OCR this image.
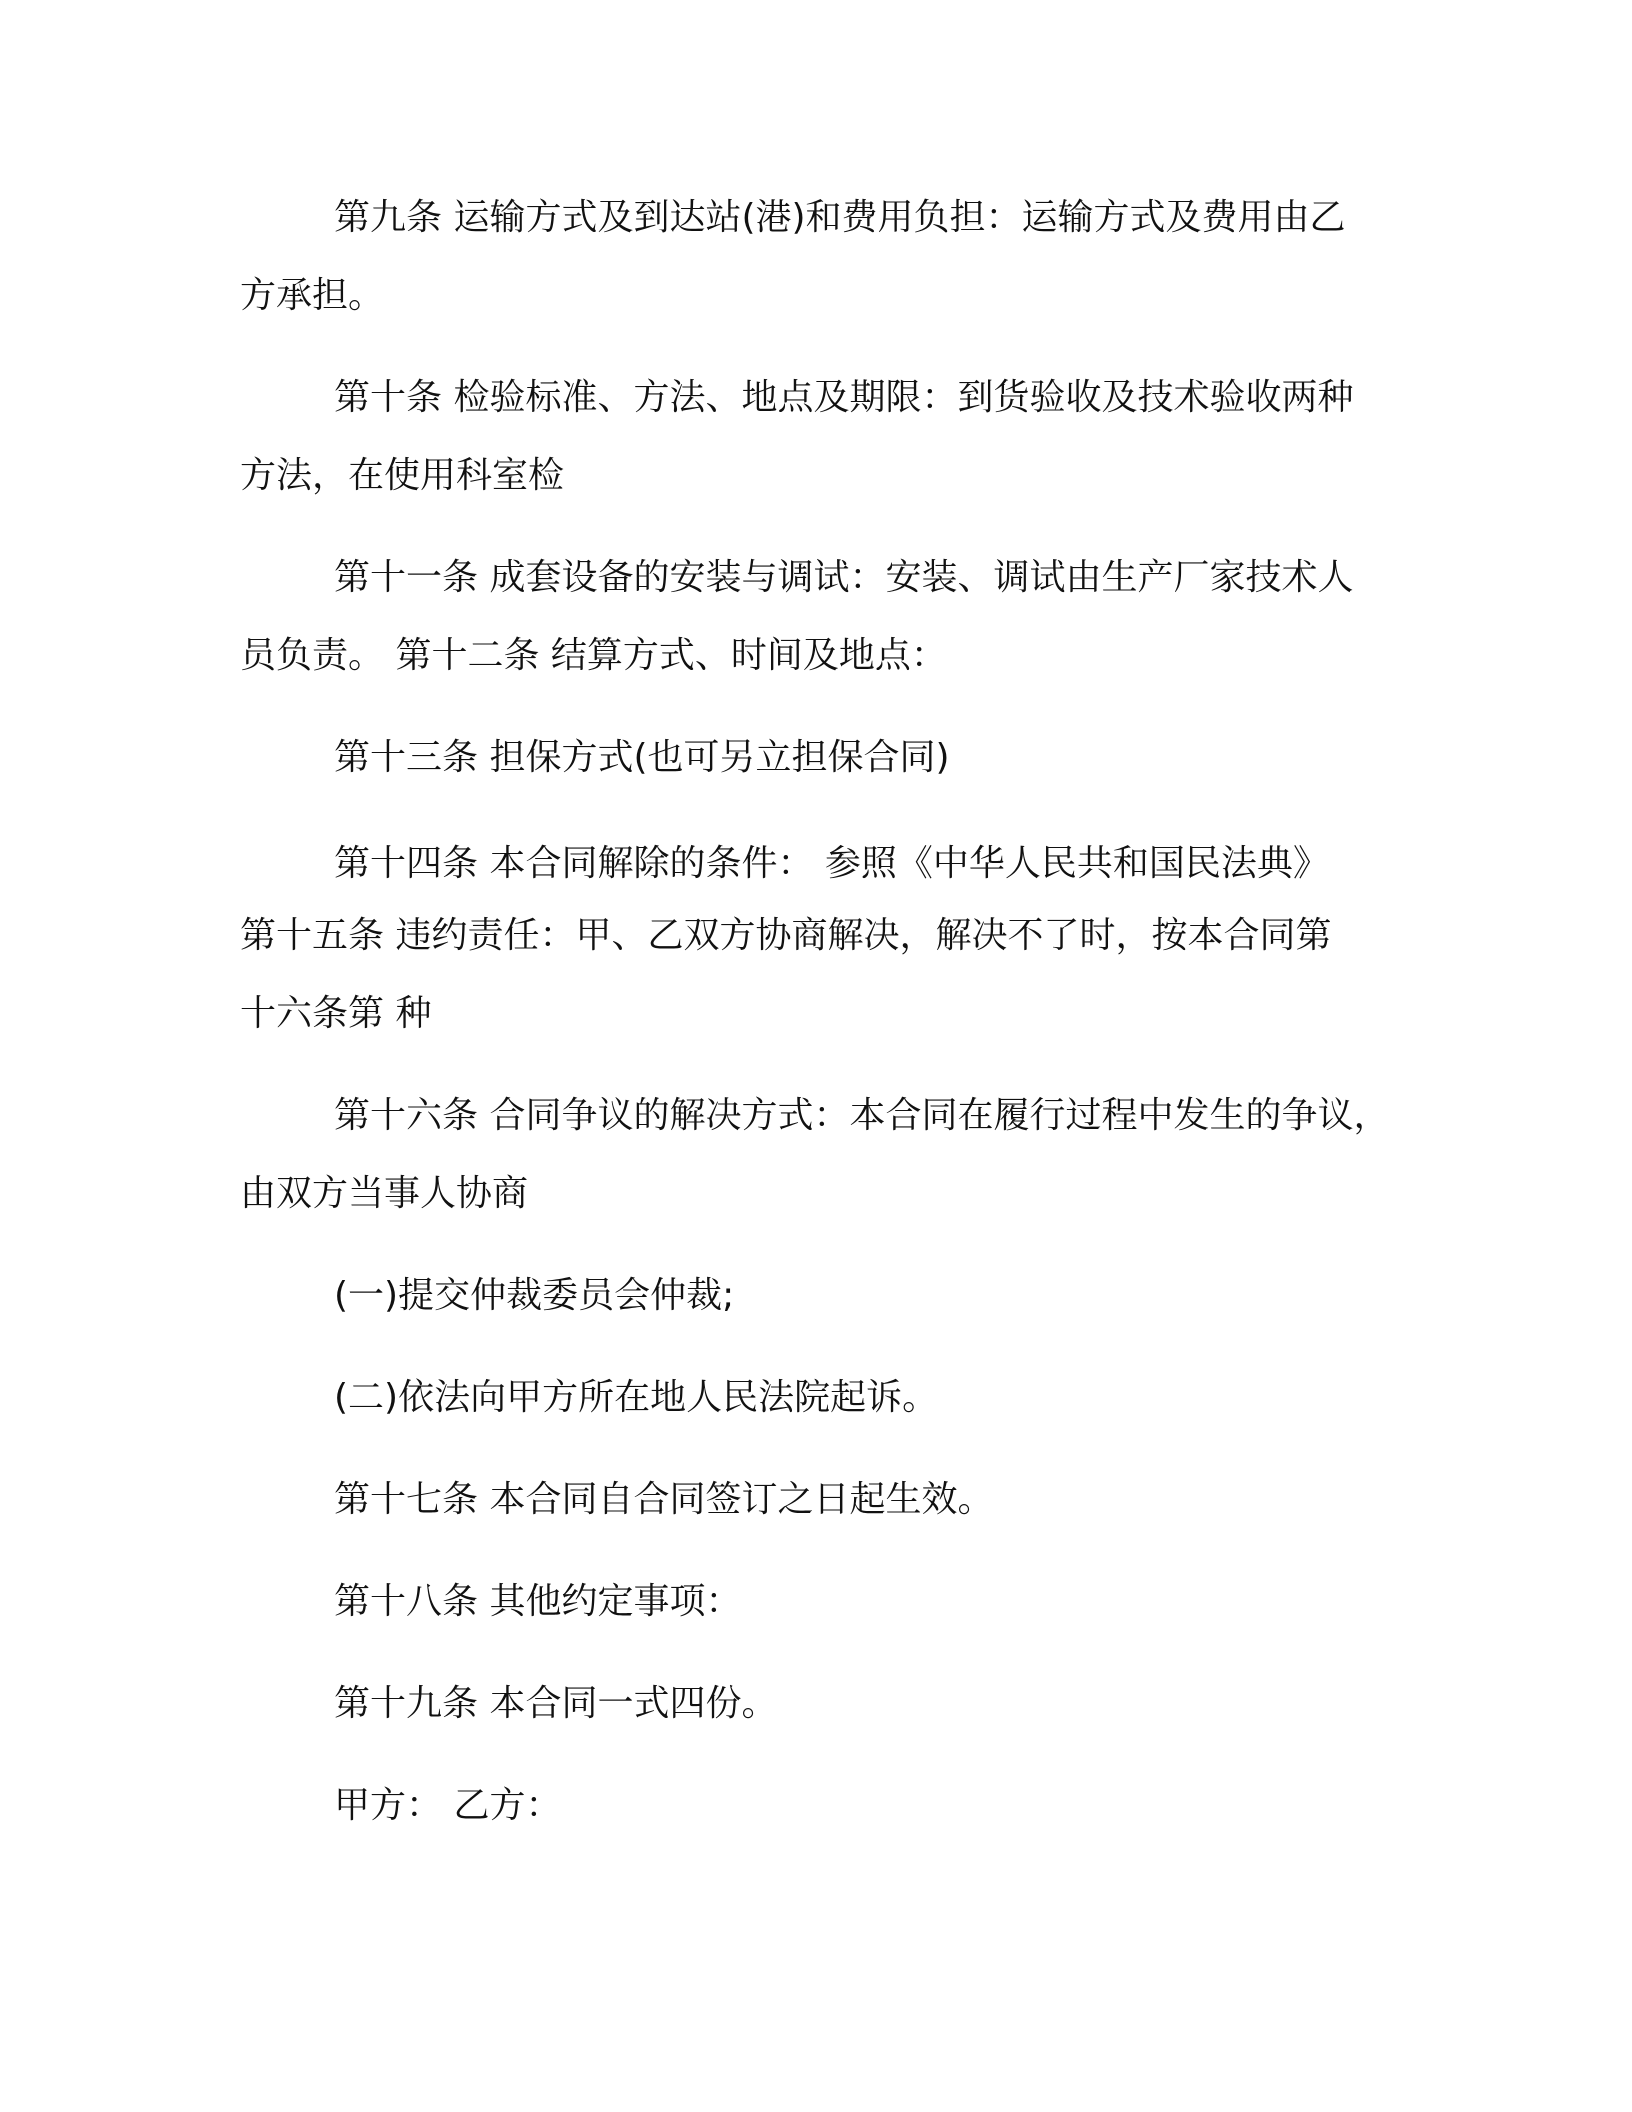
第九条 运输方式及到达站(港)和费用负担：运输方式及费用由乙
方承担。
第十条 检验标准、方法、地点及期限：到货验收及技术验收两种
方法，在使用科室检
第十一条 成套设备的安装与调试：安装、调试由生产厂家技术人
员负责。 第十二条 结算方式、时间及地点：
第十三条 担保方式(也可另立担保合同)
第十四条 本合同解除的条件： 参照《中华人民共和国民法典》
第十五条 违约责任：甲、乙双方协商解决，解决不了时，按本合同第
十六条第 种
第十六条 合同争议的解决方式：本合同在履行过程中发生的争议，
由双方当事人协商
(一)提交仲裁委员会仲裁;
(二)依法向甲方所在地人民法院起诉。
第十七条 本合同自合同签订之日起生效。
第十八条 其他约定事项：
第十九条 本合同一式四份。
甲方： 乙方：
